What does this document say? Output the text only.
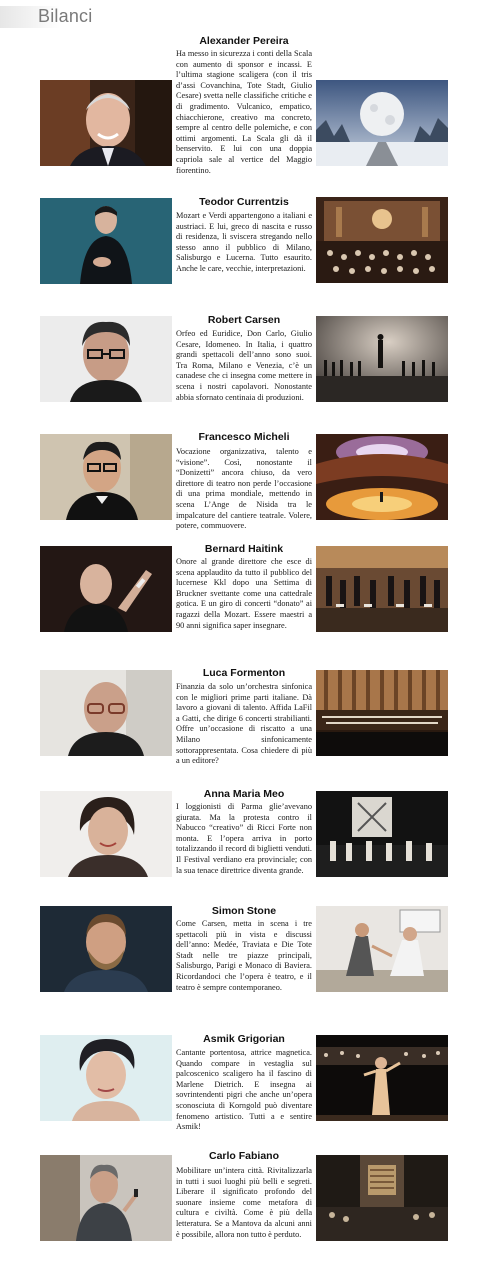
Bilanci
Alexander Pereira
Ha messo in sicurezza i conti della Scala con aumento di sponsor e incassi. E l’ultima stagione scaligera (con il tris d’assi Covanchina, Tote Stadt, Giulio Cesare) svetta nelle classifiche critiche e di gradimento. Vulcanico, empatico, chiacchierone, creativo ma concreto, sempre al centro delle polemiche, e con ottimi argomenti. La Scala gli dà il benservito. E lui con una doppia capriola sale al vertice del Maggio fiorentino.
Teodor Currentzis
Mozart e Verdi appartengono a italiani e austriaci. E lui, greco di nascita e russo di residenza, li sviscera stregando nello stesso anno il pubblico di Milano, Salisburgo e Lucerna. Tutto esaurito. Anche le care, vecchie, interpretazioni.
Robert Carsen
Orfeo ed Euridice, Don Carlo, Giulio Cesare, Idomeneo. In Italia, i quattro grandi spettacoli dell’anno sono suoi. Tra Roma, Milano e Venezia, c’è un canadese che ci insegna come mettere in scena i nostri capolavori. Nonostante abbia sfornato centinaia di produzioni.
Francesco Micheli
Vocazione organizzativa, talento e “visione”. Così, nonostante il “Donizetti” ancora chiuso, da vero direttore di teatro non perde l’occasione di una prima mondiale, mettendo in scena L’Ange de Nisida tra le impalcature del cantiere teatrale. Volere, potere, commuovere.
Bernard Haitink
Onore al grande direttore che esce di scena applaudito da tutto il pubblico del lucernese Kkl dopo una Settima di Bruckner svettante come una cattedrale gotica. E un giro di concerti “donato” ai ragazzi della Mozart. Essere maestri a 90 anni significa saper insegnare.
Luca Formenton
Finanzia da solo un’orchestra sinfonica con le migliori prime parti italiane. Dà lavoro a giovani di talento. Affida LaFil a Gatti, che dirige 6 concerti strabilianti. Offre un’occasione di riscatto a una Milano sinfonicamente sottorappresentata. Cosa chiedere di più a un editore?
Anna Maria Meo
I loggionisti di Parma glie’avevano giurata. Ma la protesta contro il Nabucco “creativo” di Ricci Forte non monta. E l’opera arriva in porto totalizzando il record di biglietti venduti. Il Festival verdiano era provinciale; con la sua tenace direttrice diventa grande.
Simon Stone
Come Carsen, metta in scena i tre spettacoli più in vista e discussi dell’anno: Medée, Traviata e Die Tote Stadt nelle tre piazze principali, Salisburgo, Parigi e Monaco di Baviera. Ricordandoci che l’opera è teatro, e il teatro è sempre contemporaneo.
Asmik Grigorian
Cantante portentosa, attrice magnetica. Quando compare in vestaglia sul palcoscenico scaligero ha il fascino di Marlene Dietrich. E insegna ai sovrintendenti pigri che anche un’opera sconosciuta di Korngold può diventare fenomeno artistico. Tutti a e sentire Asmik!
Carlo Fabiano
Mobilitare un’intera città. Rivitalizzarla in tutti i suoi luoghi più belli e segreti. Liberare il significato profondo del suonare insieme come metafora di cultura e civiltà. Come è più della letteratura. Se a Mantova da alcuni anni è possibile, allora non tutto è perduto.
